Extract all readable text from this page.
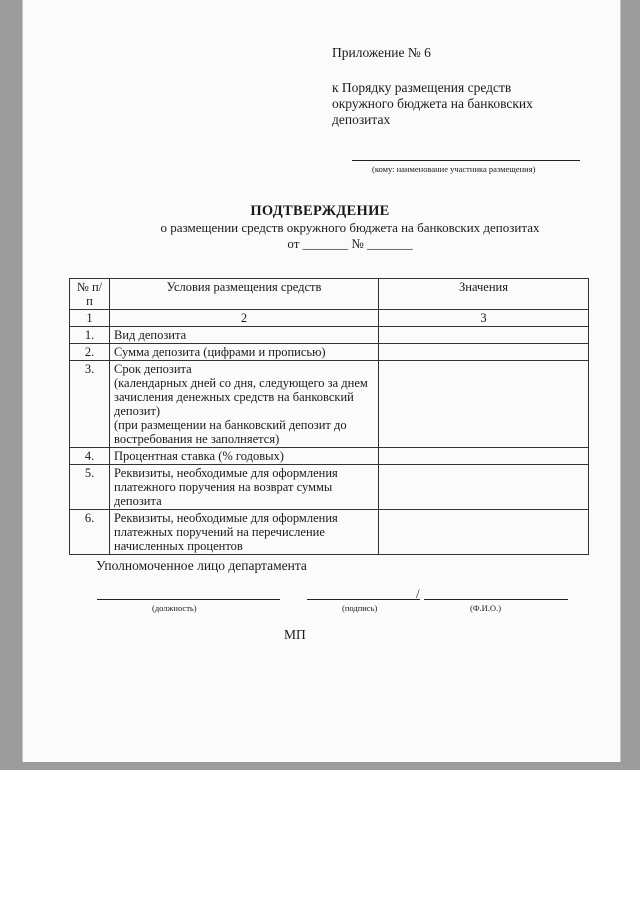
Приложение № 6
к Порядку размещения средств
окружного бюджета на банковских
депозитах
(кому: наименование участника размещения)
ПОДТВЕРЖДЕНИЕ
о размещении средств окружного бюджета на банковских депозитах
от _______ № _______
№ п/п	Условия размещения средств	Значения
1	2	3
1.	Вид депозита	
2.	Сумма депозита (цифрами и прописью)	
3.	Срок депозита
(календарных дней со дня, следующего за днем зачисления денежных средств на банковский депозит)
(при размещении на банковский депозит до востребования не заполняется)	
4.	Процентная ставка (% годовых)	
5.	Реквизиты, необходимые для оформления платежного поручения на возврат суммы депозита	
6.	Реквизиты, необходимые для оформления платежных поручений на перечисление начисленных процентов	
Уполномоченное лицо департамента
/
(должность)	(подпись)	(Ф.И.О.)
МП
